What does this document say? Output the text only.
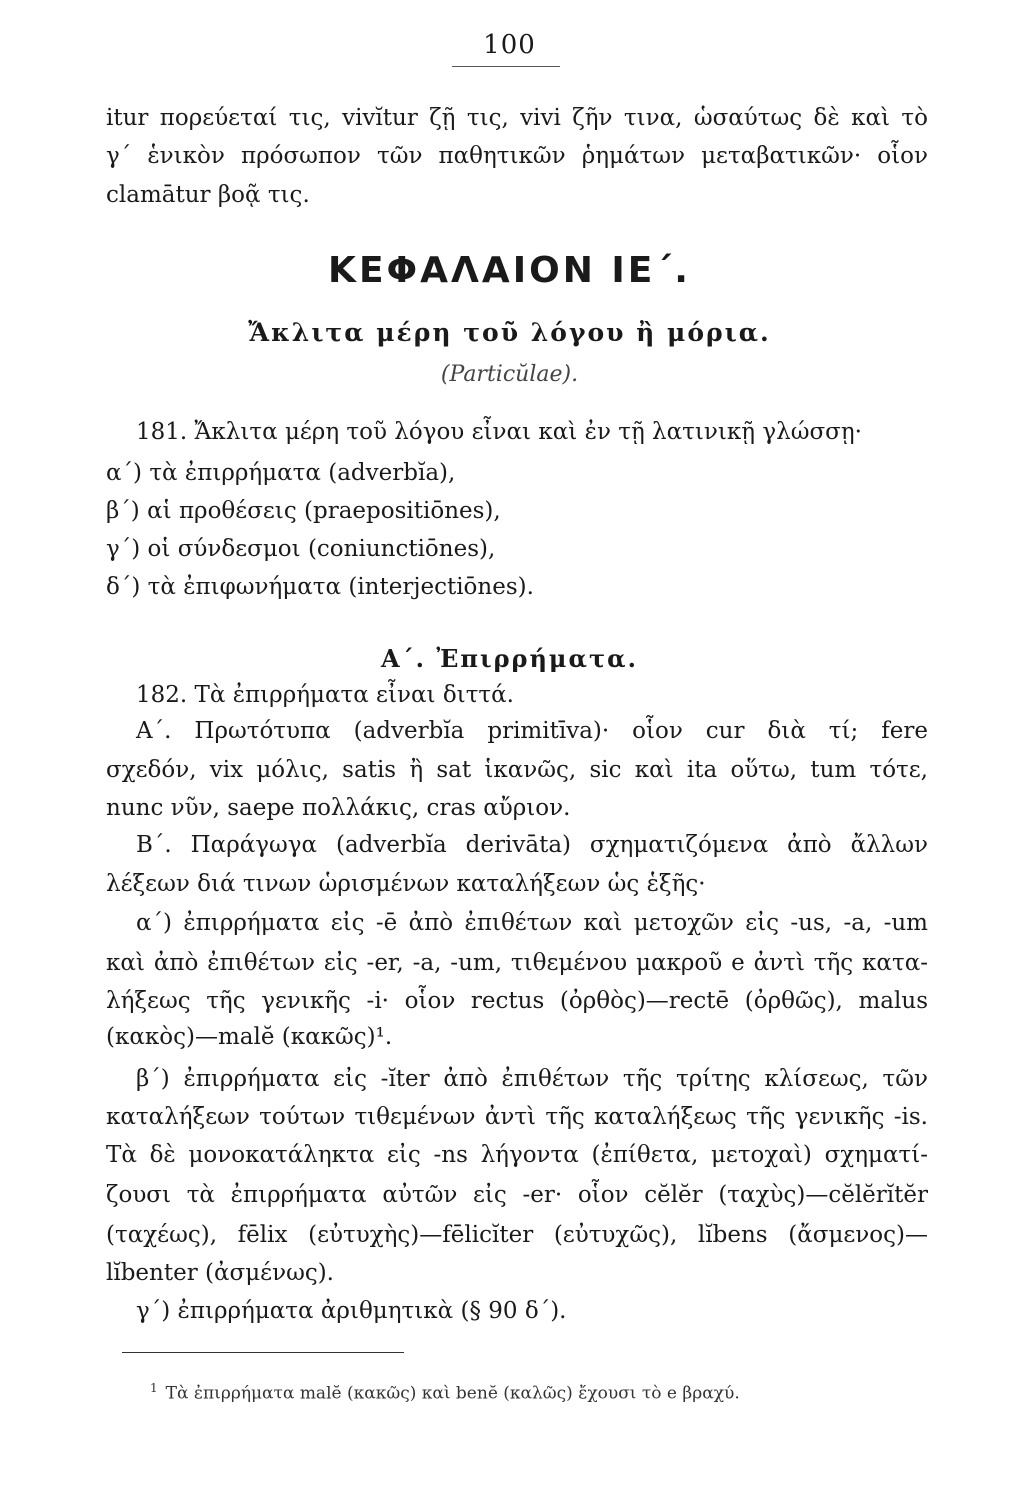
100
itur πορεύεταί τις, vivĭtur ζῇ τις, vivi ζῆν τινα, ὡσαύτως δὲ καὶ τὸ
γ΄ ἑνικὸν πρόσωπον τῶν παθητικῶν ῥημάτων μεταβατικῶν· οἷον
clamātur βοᾷ τις.
ΚΕΦΑΛΑΙΟΝ ΙΕ΄.
Ἄκλιτα μέρη τοῦ λόγου ἢ μόρια.
(Particŭlae).
181. Ἄκλιτα μέρη τοῦ λόγου εἶναι καὶ ἐν τῇ λατινικῇ γλώσσῃ·
α΄) τὰ ἐπιρρήματα (adverbĭa),
β΄) αἱ προθέσεις (praepositiōnes),
γ΄) οἱ σύνδεσμοι (coniunctiōnes),
δ΄) τὰ ἐπιφωνήματα (interjectiōnes).
Α΄. Ἐπιρρήματα.
182. Τὰ ἐπιρρήματα εἶναι διττά.
Α΄. Πρωτότυπα (adverbĭa primitīva)· οἷον cur διὰ τί; fere
σχεδόν, vix μόλις, satis ἢ sat ἱκανῶς, sic καὶ ita οὕτω, tum τότε,
nunc νῦν, saepe πολλάκις, cras αὔριον.
Β΄. Παράγωγα (adverbĭa derivāta) σχηματιζόμενα ἀπὸ ἄλλων
λέξεων διά τινων ὡρισμένων καταλήξεων ὡς ἑξῆς·
α΄) ἐπιρρήματα εἰς -ē ἀπὸ ἐπιθέτων καὶ μετοχῶν εἰς -us, -a, -um
καὶ ἀπὸ ἐπιθέτων εἰς -er, -a, -um, τιθεμένου μακροῦ e ἀντὶ τῆς κατα-
λήξεως τῆς γενικῆς -i· οἷον rectus (ὀρθὸς)—rectē (ὀρθῶς), malus
(κακὸς)—malĕ (κακῶς)¹.
β΄) ἐπιρρήματα εἰς -ĭter ἀπὸ ἐπιθέτων τῆς τρίτης κλίσεως, τῶν
καταλήξεων τούτων τιθεμένων ἀντὶ τῆς καταλήξεως τῆς γενικῆς -is.
Τὰ δὲ μονοκατάληκτα εἰς -ns λήγοντα (ἐπίθετα, μετοχαὶ) σχηματί-
ζουσι τὰ ἐπιρρήματα αὐτῶν εἰς -er· οἷον cĕlĕr (ταχὺς)—cĕlĕrĭtĕr
(ταχέως), fēlix (εὐτυχὴς)—fēlicĭter (εὐτυχῶς), lĭbens (ἄσμενος)—
lĭbenter (ἀσμένως).
γ΄) ἐπιρρήματα ἀριθμητικὰ (§ 90 δ΄).
$^1$ Τὰ ἐπιρρήματα malĕ (κακῶς) καὶ benĕ (καλῶς) ἔχουσι τὸ e βραχύ.
